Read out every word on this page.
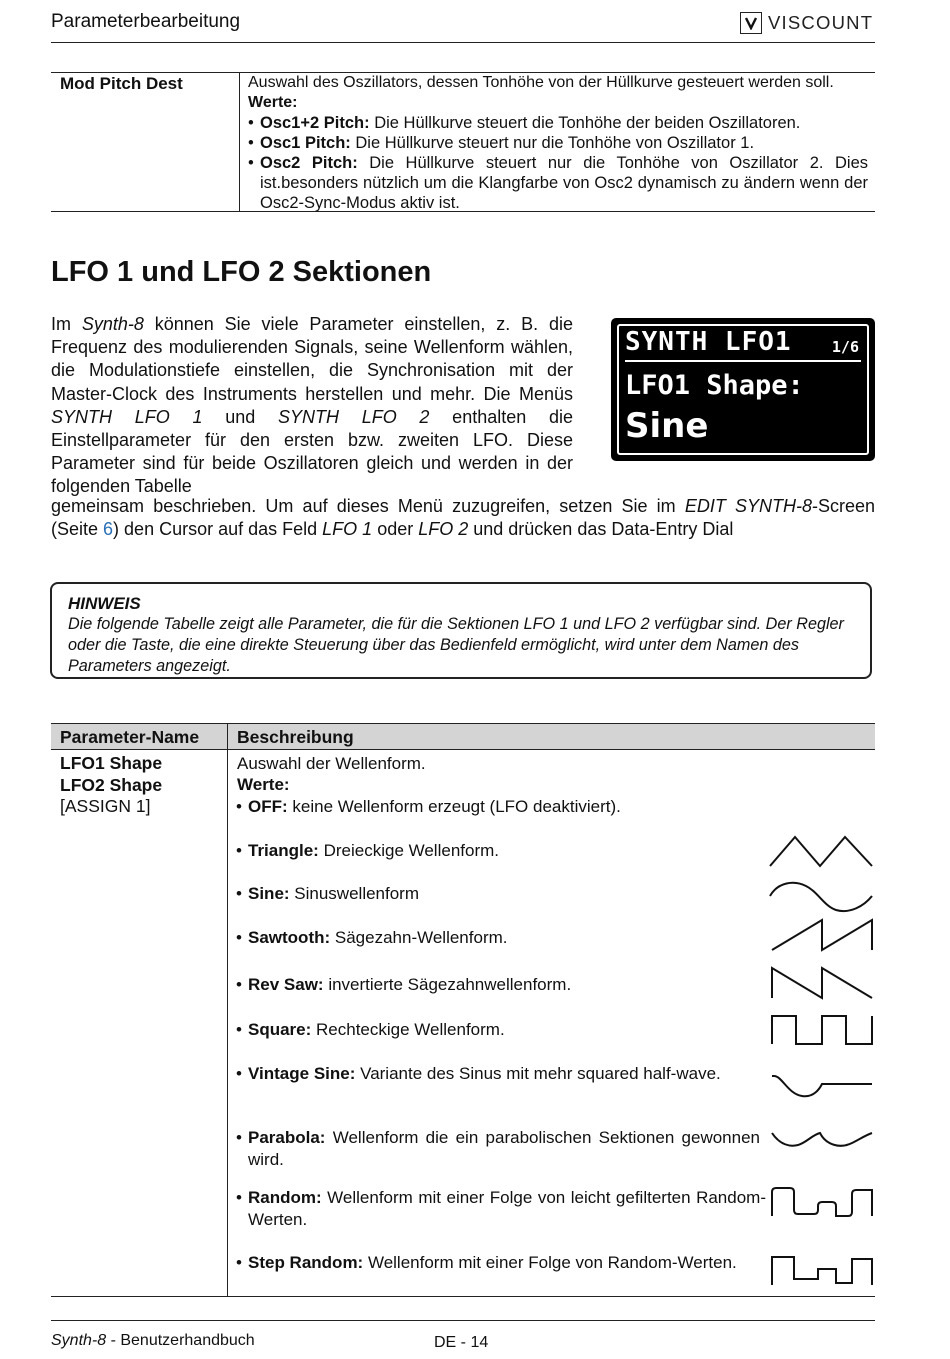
Parameterbearbeitung	VISCOUNT
Mod Pitch Dest	Auswahl des Oszillators, dessen Tonhöhe von der Hüllkurve gesteuert werden soll.
Werte:
• Osc1+2 Pitch: Die Hüllkurve steuert die Tonhöhe der beiden Oszillatoren.
• Osc1 Pitch: Die Hüllkurve steuert nur die Tonhöhe von Oszillator 1.
• Osc2 Pitch: Die Hüllkurve steuert nur die Tonhöhe von Oszillator 2. Dies ist.besonders nützlich um die Klangfarbe von Osc2 dynamisch zu ändern wenn der Osc2-Sync-Modus aktiv ist.
LFO 1 und LFO 2 Sektionen
Im Synth-8 können Sie viele Parameter einstellen, z. B. die Frequenz des modulierenden Signals, seine Wellenform wählen, die Modulationstiefe einstellen, die Synchronisation mit der Master-Clock des Instruments herstellen und mehr. Die Menüs SYNTH LFO 1 und SYNTH LFO 2 enthalten die Einstellparameter für den ersten bzw. zweiten LFO. Diese Parameter sind für beide Oszillatoren gleich und werden in der folgenden Tabelle
gemeinsam beschrieben. Um auf dieses Menü zuzugreifen, setzen Sie im EDIT SYNTH-8-Screen (Seite 6) den Cursor auf das Feld LFO 1 oder LFO 2 und drücken das Data-Entry Dial
SYNTH LFO1	1/6
LFO1 Shape:
Sine
HINWEIS
Die folgende Tabelle zeigt alle Parameter, die für die Sektionen LFO 1 und LFO 2 verfügbar sind. Der Regler oder die Taste, die eine direkte Steuerung über das Bedienfeld ermöglicht, wird unter dem Namen des Parameters angezeigt.
Parameter-Name Beschreibung
LFO1 Shape
LFO2 Shape
[ASSIGN 1]
Auswahl der Wellenform.
Werte:
• OFF: keine Wellenform erzeugt (LFO deaktiviert).
• Triangle: Dreieckige Wellenform.
• Sine: Sinuswellenform
• Sawtooth: Sägezahn-Wellenform.
• Rev Saw: invertierte Sägezahnwellenform.
• Square: Rechteckige Wellenform.
• Vintage Sine: Variante des Sinus mit mehr squared half-wave.
• Parabola: Wellenform die ein parabolischen Sektionen gewonnen wird.
• Random: Wellenform mit einer Folge von leicht gefilterten Random-Werten.
• Step Random: Wellenform mit einer Folge von Random-Werten.
Synth-8 - Benutzerhandbuch	DE - 14
